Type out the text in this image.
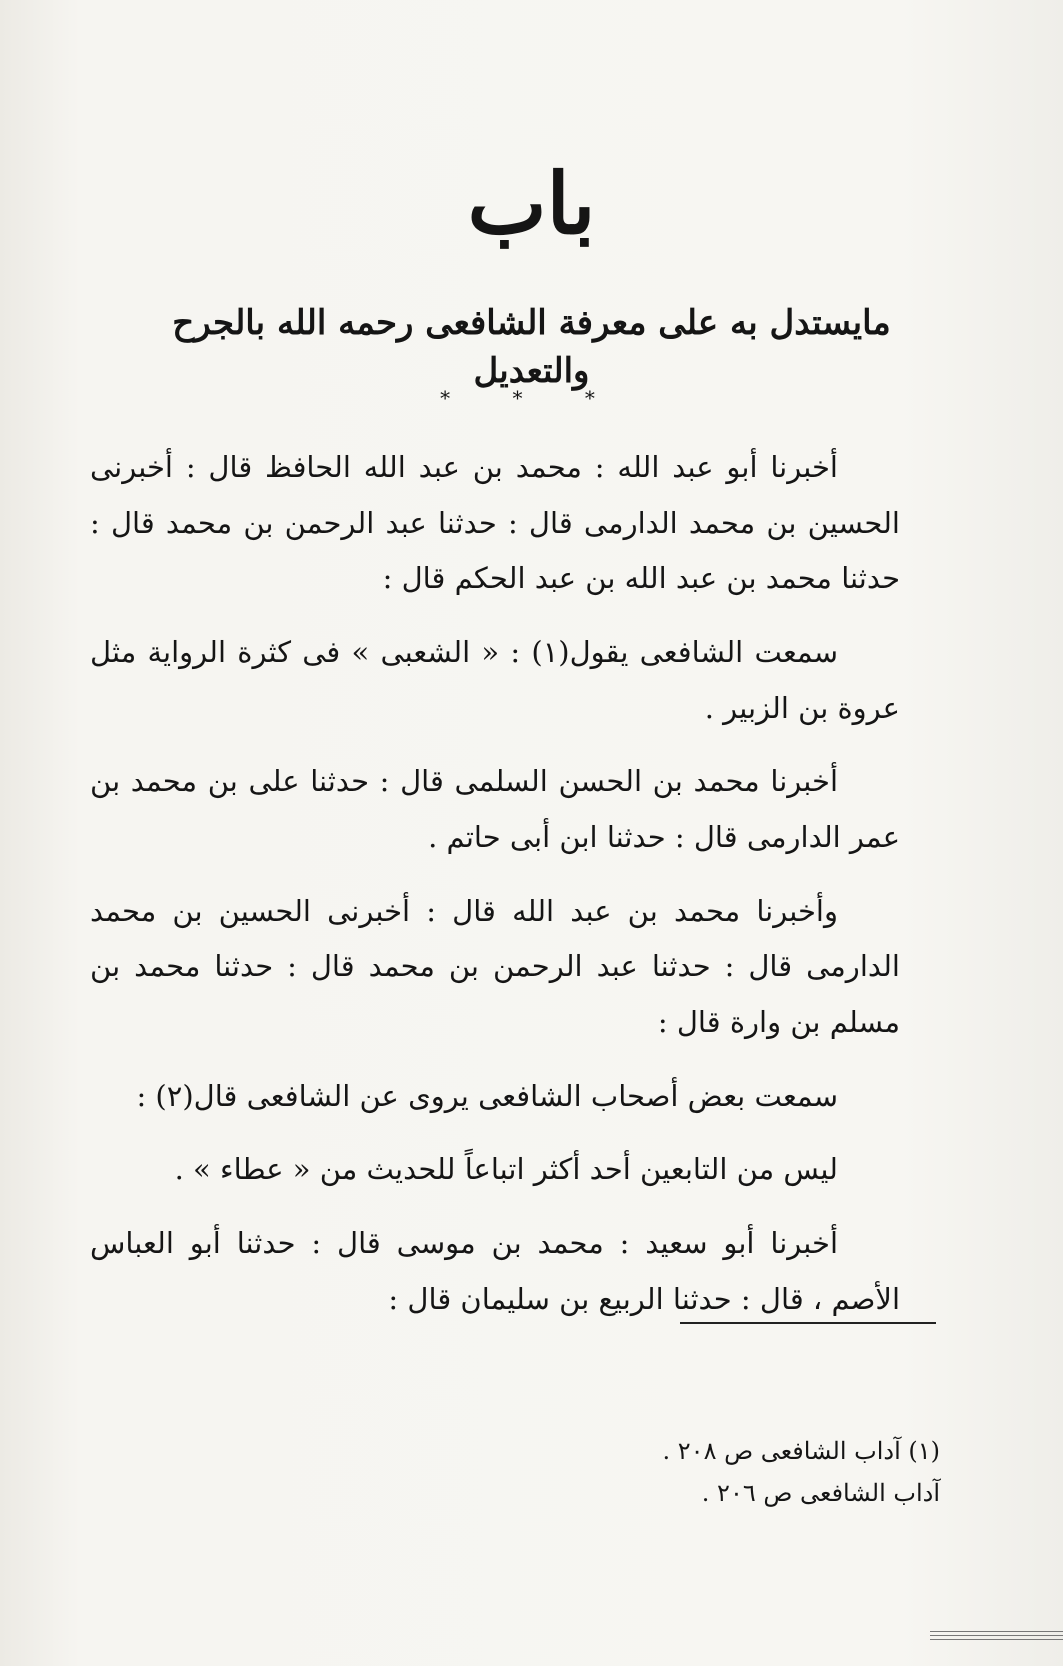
باب
مايستدل به على معرفة الشافعى رحمه الله بالجرح والتعديل
* * *

أخبرنا أبو عبد الله : محمد بن عبد الله الحافظ قال : أخبرنى الحسين بن محمد الدارمى قال : حدثنا عبد الرحمن بن محمد قال : حدثنا محمد بن عبد الله بن عبد الحكم قال :

سمعت الشافعى يقول(١) : « الشعبى » فى كثرة الرواية مثل عروة بن الزبير .

أخبرنا محمد بن الحسن السلمى قال : حدثنا على بن محمد بن عمر الدارمى قال : حدثنا ابن أبى حاتم .

وأخبرنا محمد بن عبد الله قال : أخبرنى الحسين بن محمد الدارمى قال : حدثنا عبد الرحمن بن محمد قال : حدثنا محمد بن مسلم بن وارة قال :

سمعت بعض أصحاب الشافعى يروى عن الشافعى قال(٢) :

ليس من التابعين أحد أكثر اتباعاً للحديث من « عطاء » .

أخبرنا أبو سعيد : محمد بن موسى قال : حدثنا أبو العباس الأصم ، قال : حدثنا الربيع بن سليمان قال :

(١) آداب الشافعى ص ٢٠٨ .

آداب الشافعى ص ٢٠٦ .
